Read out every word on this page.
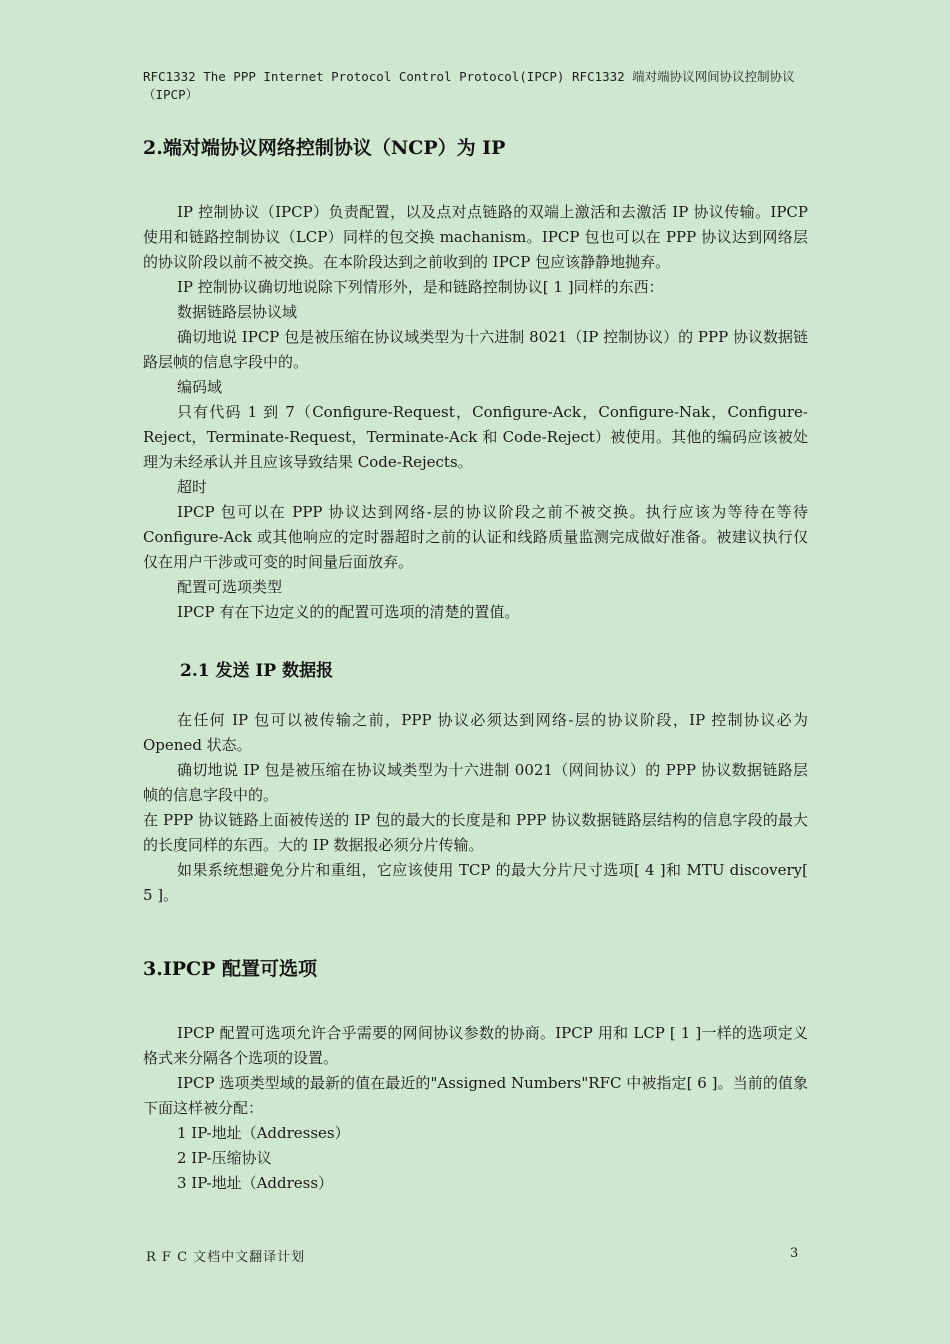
RFC1332 The PPP Internet Protocol Control Protocol(IPCP) RFC1332 端对端协议网间协议控制协议（IPCP）
2.端对端协议网络控制协议（NCP）为 IP

IP 控制协议（IPCP）负责配置，以及点对点链路的双端上激活和去激活 IP 协议传输。IPCP 使用和链路控制协议（LCP）同样的包交换 machanism。IPCP 包也可以在 PPP 协议达到网络层的协议阶段以前不被交换。在本阶段达到之前收到的 IPCP 包应该静静地抛弃。

IP 控制协议确切地说除下列情形外，是和链路控制协议[ 1 ]同样的东西：

数据链路层协议域

确切地说 IPCP 包是被压缩在协议域类型为十六进制 8021（IP 控制协议）的 PPP 协议数据链路层帧的信息字段中的。

编码域

只有代码 1 到 7（Configure-Request，Configure-Ack，Configure-Nak，Configure-Reject，Terminate-Request，Terminate-Ack 和 Code-Reject）被使用。其他的编码应该被处理为未经承认并且应该导致结果 Code-Rejects。

超时

IPCP 包可以在 PPP 协议达到网络-层的协议阶段之前不被交换。执行应该为等待在等待 Configure-Ack 或其他响应的定时器超时之前的认证和线路质量监测完成做好准备。被建议执行仅仅在用户干涉或可变的时间量后面放弃。

配置可选项类型

IPCP 有在下边定义的的配置可选项的清楚的置值。

2.1 发送 IP 数据报

在任何 IP 包可以被传输之前，PPP 协议必须达到网络-层的协议阶段，IP 控制协议必为 Opened 状态。

确切地说 IP 包是被压缩在协议域类型为十六进制 0021（网间协议）的 PPP 协议数据链路层帧的信息字段中的。

在 PPP 协议链路上面被传送的 IP 包的最大的长度是和 PPP 协议数据链路层结构的信息字段的最大的长度同样的东西。大的 IP 数据报必须分片传输。

如果系统想避免分片和重组，它应该使用 TCP 的最大分片尺寸选项[ 4 ]和 MTU discovery[ 5 ]。

3.IPCP 配置可选项

IPCP 配置可选项允许合乎需要的网间协议参数的协商。IPCP 用和 LCP [ 1 ]一样的选项定义格式来分隔各个选项的设置。

IPCP 选项类型域的最新的值在最近的"Assigned Numbers"RFC 中被指定[ 6 ]。当前的值象下面这样被分配：

1 IP-地址（Addresses）

2 IP-压缩协议

3 IP-地址（Address）

R F C 文档中文翻译计划	3
